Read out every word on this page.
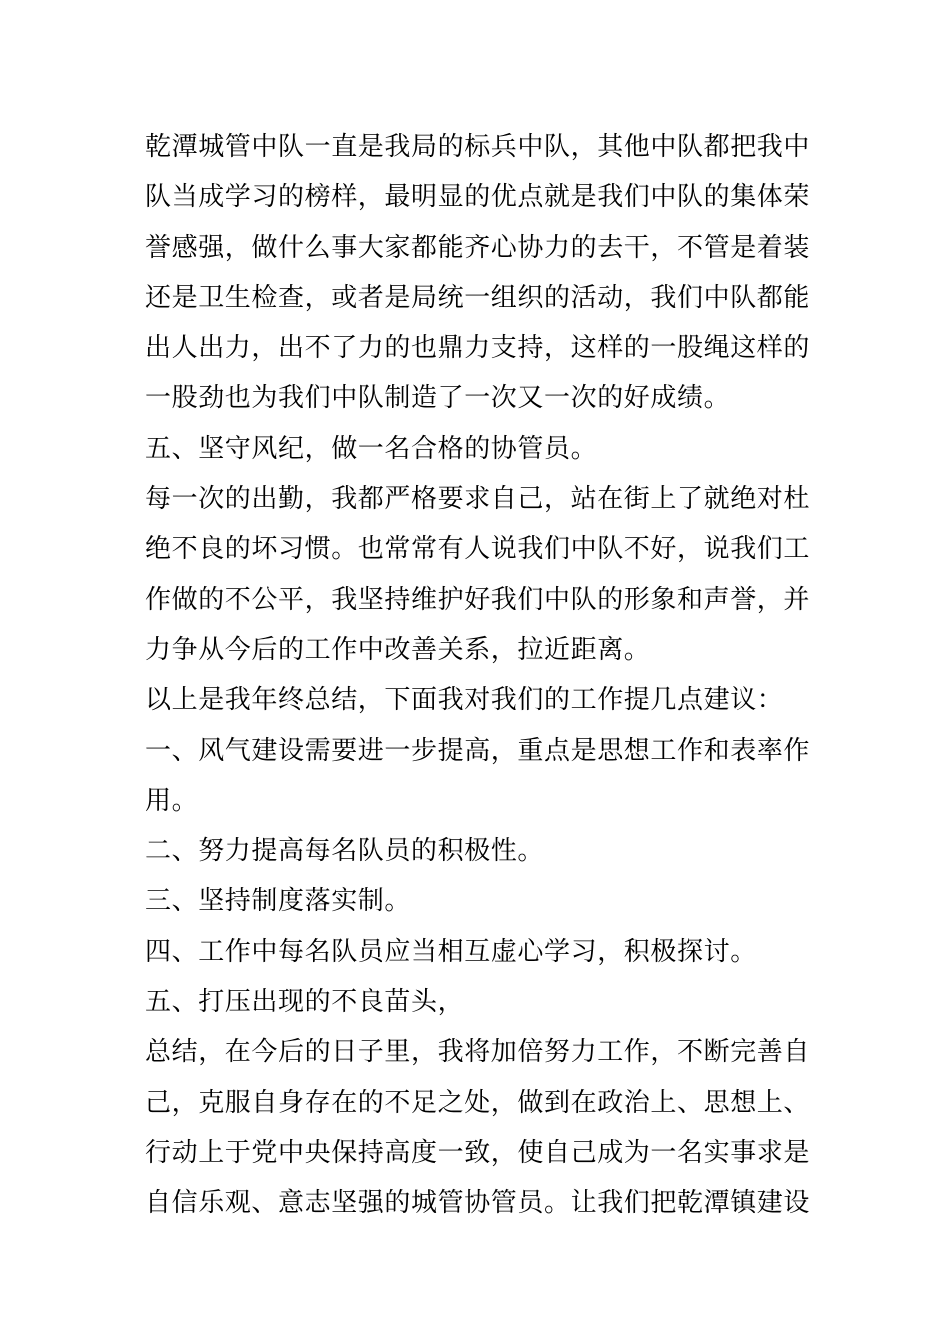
乾潭城管中队一直是我局的标兵中队，其他中队都把我中队当成学习的榜样，最明显的优点就是我们中队的集体荣誉感强，做什么事大家都能齐心协力的去干，不管是着装还是卫生检查，或者是局统一组织的活动，我们中队都能出人出力，出不了力的也鼎力支持，这样的一股绳这样的一股劲也为我们中队制造了一次又一次的好成绩。

五、坚守风纪，做一名合格的协管员。

每一次的出勤，我都严格要求自己，站在街上了就绝对杜绝不良的坏习惯。也常常有人说我们中队不好，说我们工作做的不公平，我坚持维护好我们中队的形象和声誉，并力争从今后的工作中改善关系，拉近距离。

以上是我年终总结，下面我对我们的工作提几点建议：

一、风气建设需要进一步提高，重点是思想工作和表率作用。

二、努力提高每名队员的积极性。

三、坚持制度落实制。

四、工作中每名队员应当相互虚心学习，积极探讨。

五、打压出现的不良苗头，

总结，在今后的日子里，我将加倍努力工作，不断完善自己，克服自身存在的不足之处，做到在政治上、思想上、行动上于党中央保持高度一致，使自己成为一名实事求是自信乐观、意志坚强的城管协管员。让我们把乾潭镇建设
